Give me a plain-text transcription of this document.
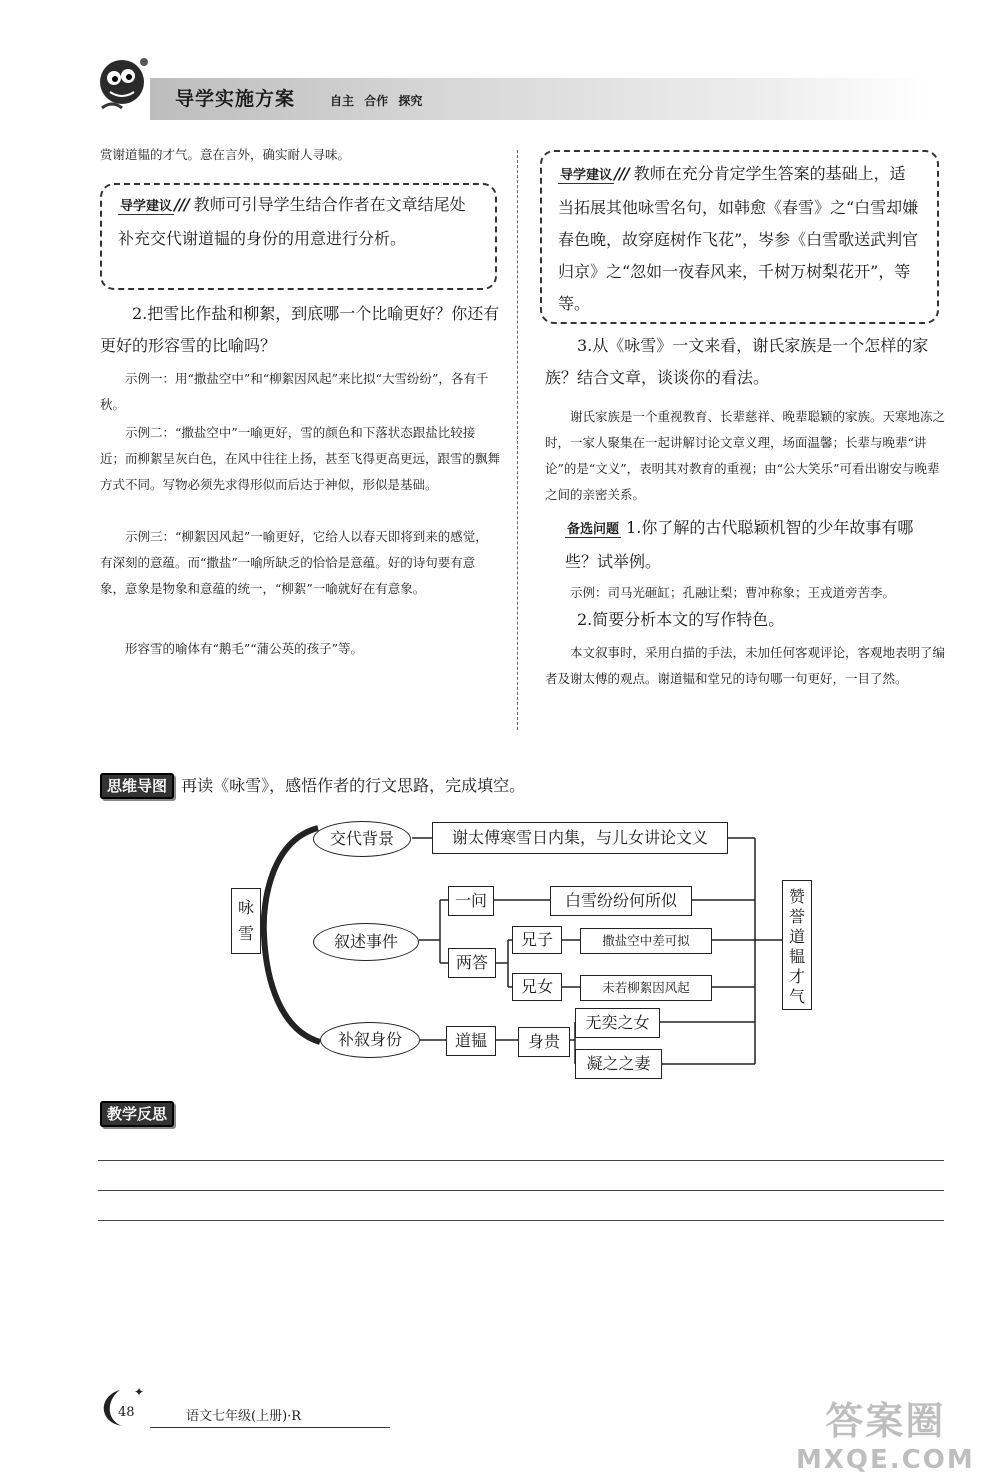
导学实施方案	自主 合作 探究
赏谢道韫的才气。意在言外，确实耐人寻味。
导学建议 /// 教师可引导学生结合作者在文章结尾处补充交代谢道韫的身份的用意进行分析。
2.把雪比作盐和柳絮，到底哪一个比喻更好？你还有更好的形容雪的比喻吗？
示例一：用“撒盐空中”和“柳絮因风起”来比拟“大雪纷纷”，各有千秋。
示例二：“撒盐空中”一喻更好，雪的颜色和下落状态跟盐比较接近；而柳絮呈灰白色，在风中往往上扬，甚至飞得更高更远，跟雪的飘舞方式不同。写物必须先求得形似而后达于神似，形似是基础。
示例三：“柳絮因风起”一喻更好，它给人以春天即将到来的感觉，有深刻的意蕴。而“撒盐”一喻所缺乏的恰恰是意蕴。好的诗句要有意象，意象是物象和意蕴的统一，“柳絮”一喻就好在有意象。
形容雪的喻体有“鹅毛”“蒲公英的孩子”等。
导学建议 /// 教师在充分肯定学生答案的基础上，适当拓展其他咏雪名句，如韩愈《春雪》之“白雪却嫌春色晚，故穿庭树作飞花”，岑参《白雪歌送武判官归京》之“忽如一夜春风来，千树万树梨花开”，等等。
3.从《咏雪》一文来看，谢氏家族是一个怎样的家族？结合文章，谈谈你的看法。
谢氏家族是一个重视教育、长辈慈祥、晚辈聪颖的家族。天寒地冻之时，一家人聚集在一起讲解讨论文章义理，场面温馨；长辈与晚辈“讲论”的是“文义”，表明其对教育的重视；由“公大笑乐”可看出谢安与晚辈之间的亲密关系。
备选问题 1.你了解的古代聪颖机智的少年故事有哪些？试举例。
示例：司马光砸缸；孔融让梨；曹冲称象；王戎道旁苦李。
2.简要分析本文的写作特色。
本文叙事时，采用白描的手法，未加任何客观评论，客观地表明了编者及谢太傅的观点。谢道韫和堂兄的诗句哪一句更好，一目了然。
思维导图 再读《咏雪》，感悟作者的行文思路，完成填空。
咏雪
交代背景	谢太傅寒雪日内集，与儿女讲论文义
叙述事件
一问	白雪纷纷何所似
两答
兄子	撒盐空中差可拟
兄女	未若柳絮因风起
补叙身份	道韫	身贵
无奕之女
凝之之妻
赞誉道韫才气
教学反思
✦
48	语文七年级(上册)·R	答案圈
MXQE.COM
